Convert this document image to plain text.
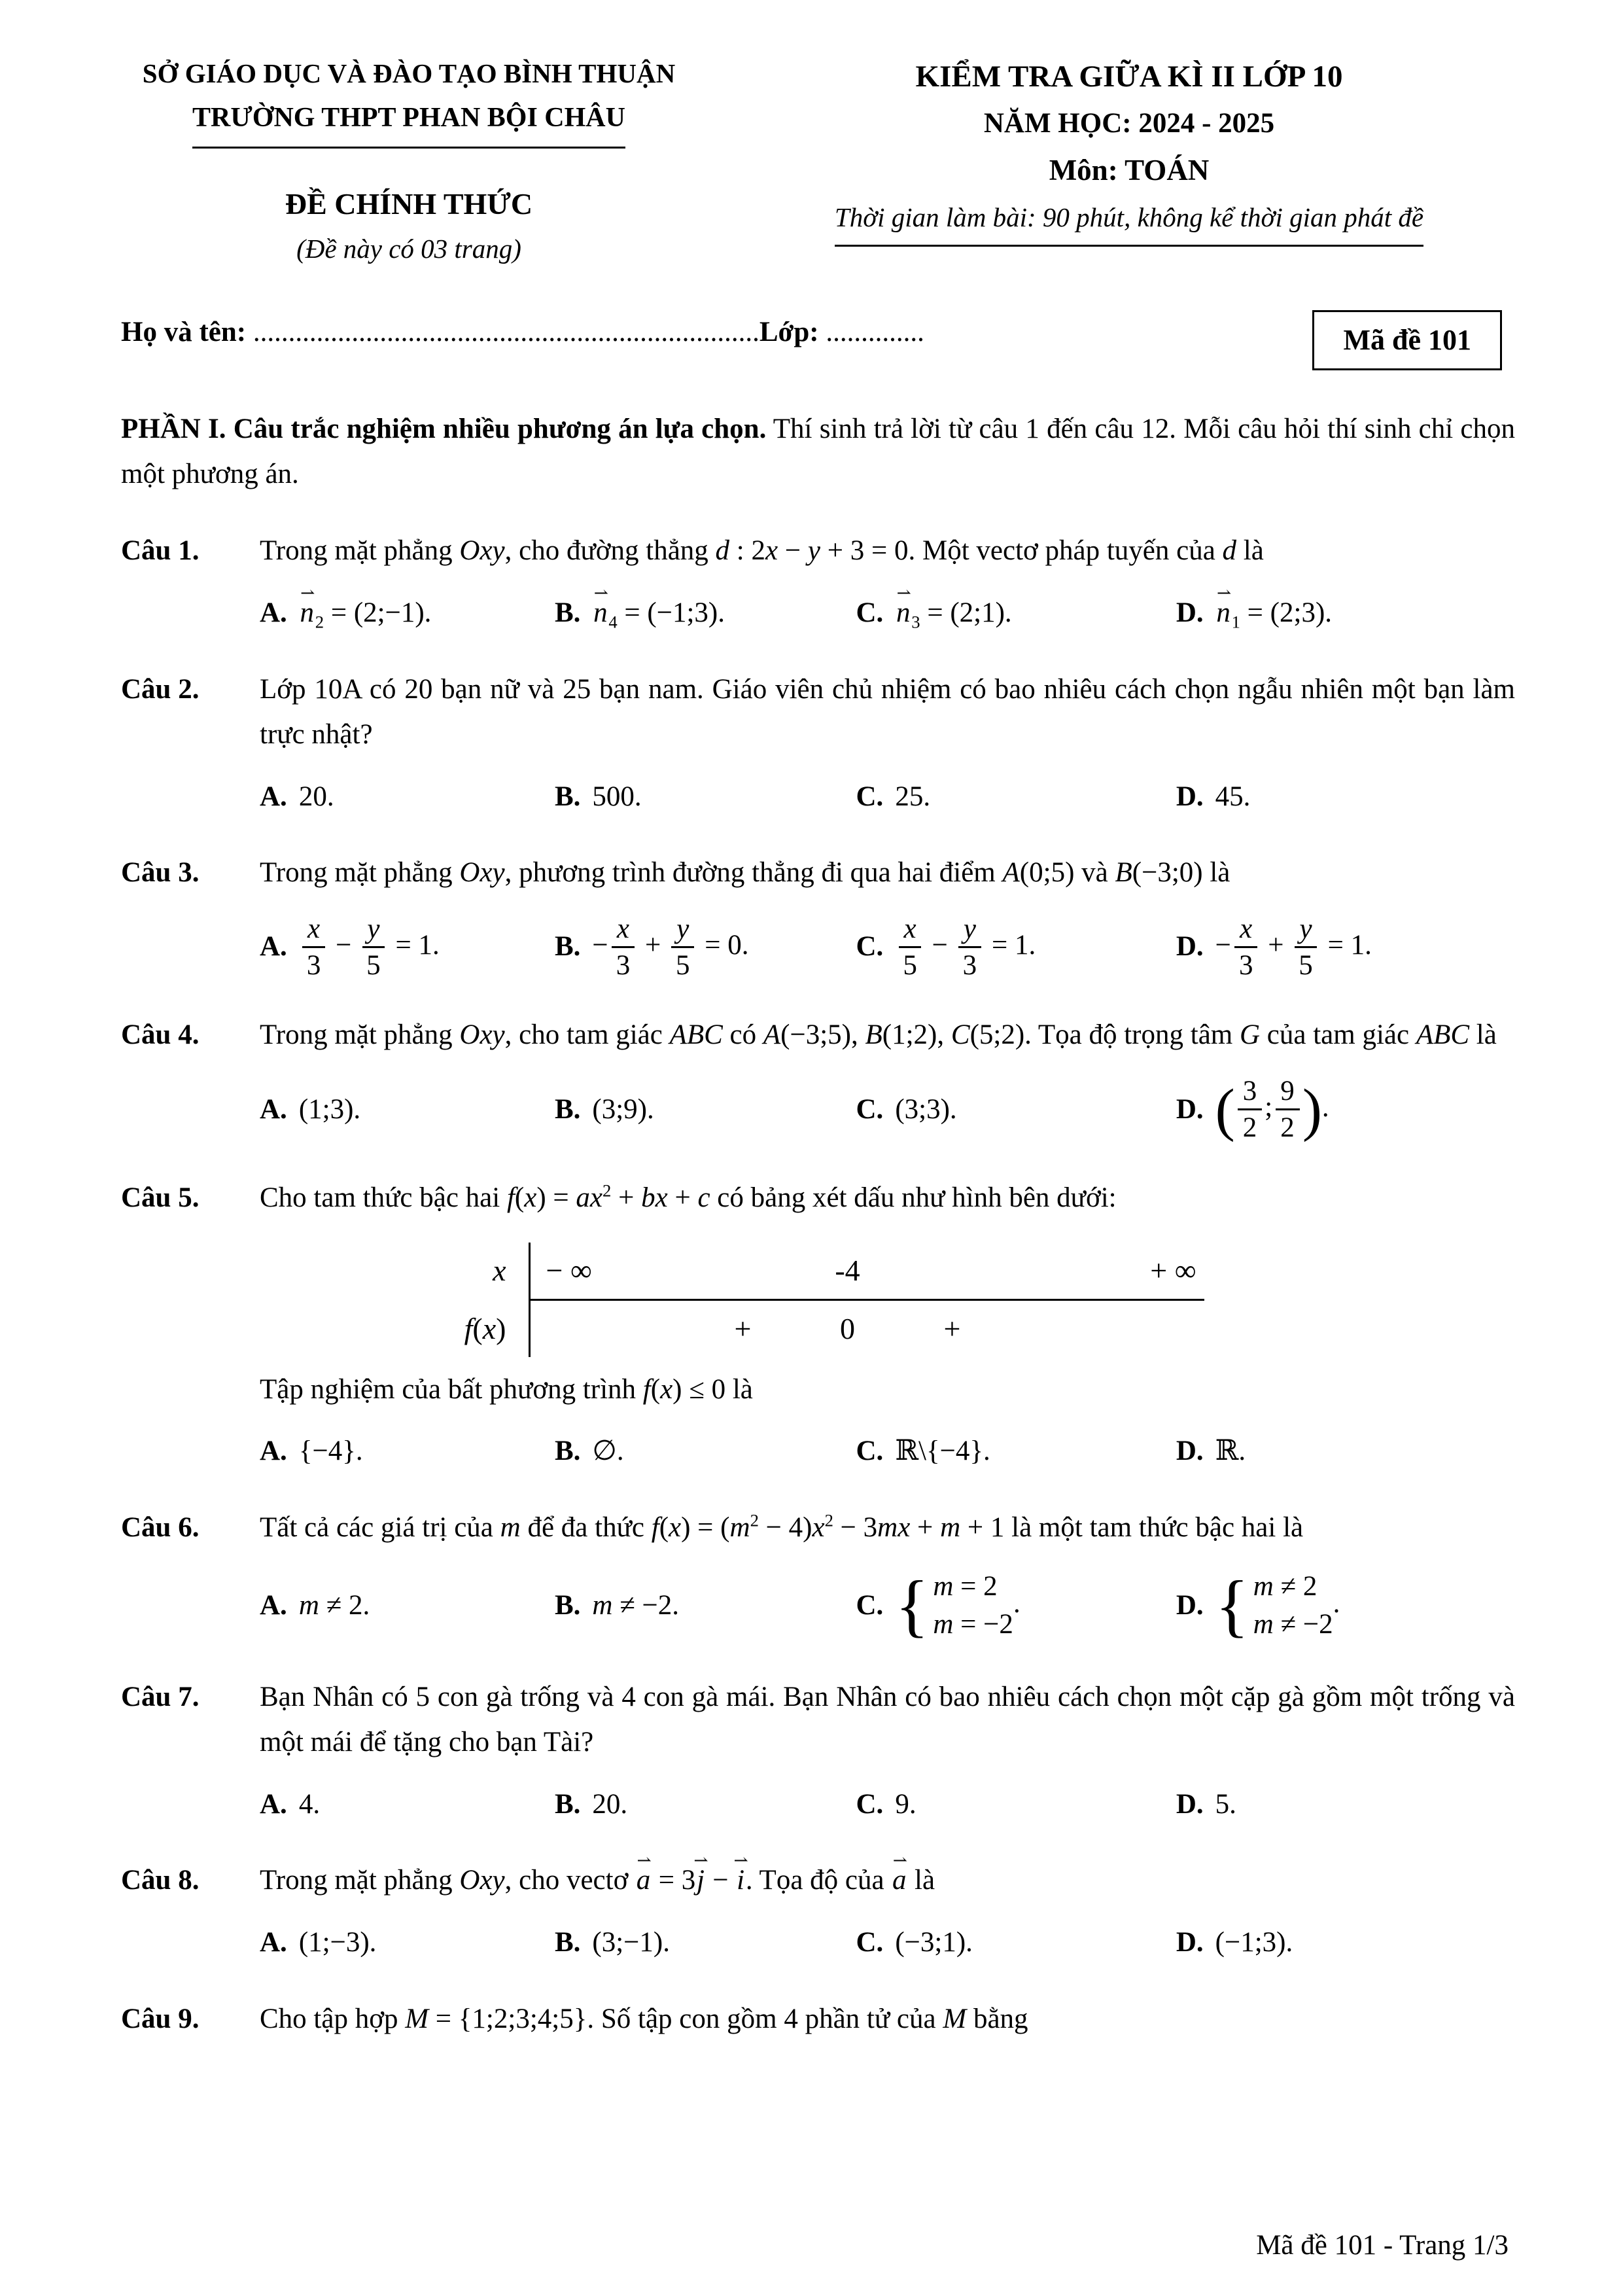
SỞ GIÁO DỤC VÀ ĐÀO TẠO BÌNH THUẬN
TRƯỜNG THPT PHAN BỘI CHÂU
ĐỀ CHÍNH THỨC
(Đề này có 03 trang)
KIỂM TRA GIỮA KÌ II LỚP 10
NĂM HỌC: 2024 - 2025
Môn: TOÁN
Thời gian làm bài: 90 phút, không kể thời gian phát đề
Họ và tên: ........................................................................Lớp: ..............	Mã đề 101
PHẦN I. Câu trắc nghiệm nhiều phương án lựa chọn. Thí sinh trả lời từ câu 1 đến câu 12. Mỗi câu hỏi thí sinh chỉ chọn một phương án.
Câu 1.	Trong mặt phẳng Oxy, cho đường thẳng d : 2x − y + 3 = 0. Một vectơ pháp tuyến của d là
A. ⇀ $n_2$ = (2;−1).	B. ⇀ $n_4$ = (−1;3).	C. ⇀ $n_3$ = (2;1).	D. ⇀ $n_1$ = (2;3).
Câu 2.	Lớp 10A có 20 bạn nữ và 25 bạn nam. Giáo viên chủ nhiệm có bao nhiêu cách chọn ngẫu nhiên một bạn làm trực nhật?
A. 20.	B. 500.	C. 25.	D. 45.
Câu 3.	Trong mặt phẳng Oxy, phương trình đường thẳng đi qua hai điểm A(0;5) và B(−3;0) là
A. $\frac{x}{3} - \frac{y}{5} = 1$.	B. − $\frac{x}{3} + \frac{y}{5} = 0$.	C. $\frac{x}{5} - \frac{y}{3} = 1$.	D. − $\frac{x}{3} + \frac{y}{5} = 1$.
Câu 4.	Trong mặt phẳng Oxy, cho tam giác ABC có A(−3;5), B(1;2), C(5;2). Tọa độ trọng tâm G của tam giác ABC là
A. (1;3).	B. (3;9).	C. (3;3).	D. ( $\frac{3}{2}$ ; $\frac{9}{2}$ ) .
Câu 5.	Cho tam thức bậc hai $f(x) = ax^2$ + bx + c có bảng xét dấu như hình bên dưới:
x	− ∞	-4	+ ∞
f(x)	+	0	+
Tập nghiệm của bất phương trình f(x) ≤ 0 là
A. {−4}.	B. ∅.	C. ℝ\{−4}.	D. ℝ.
Câu 6.	Tất cả các giá trị của m để đa thức $f(x) = (m^2 - 4)x^2 - 3mx + m + 1$ là một tam thức bậc hai là
A. m ≠ 2.	B. m ≠ −2.	C. { m = 2
m = −2
.	D. { m ≠ 2
m ≠ −2
.
Câu 7.	Bạn Nhân có 5 con gà trống và 4 con gà mái. Bạn Nhân có bao nhiêu cách chọn một cặp gà gồm một trống và một mái để tặng cho bạn Tài?
A. 4.	B. 20.	C. 9.	D. 5.
Câu 8.	Trong mặt phẳng Oxy, cho vectơ ⇀ a = 3⇀ j − ⇀ i. Tọa độ của ⇀ a là
A. (1;−3).	B. (3;−1).	C. (−3;1).	D. (−1;3).
Câu 9.	Cho tập hợp M = {1;2;3;4;5}. Số tập con gồm 4 phần tử của M bằng
Mã đề 101 - Trang 1/3
